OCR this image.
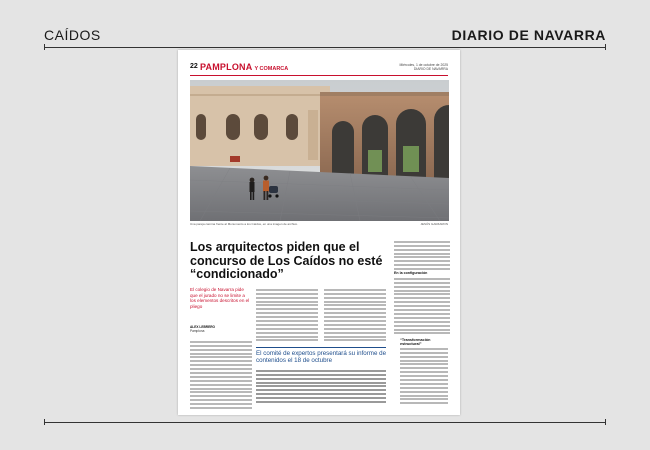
CAÍDOS	DIARIO DE NAVARRA
22 PAMPLONA Y COMARCA
Miércoles, 1 de octubre de 2025
DIARIO DE NAVARRA
Una pareja camina frente al Monumento a los Caídos, en una imagen de archivo.	JESÚS GARZARON
Los arquitectos piden que el concurso de Los Caídos no esté “condicionado”
El colegio de Navarra pide que el jurado no se limite a los elementos descritos en el pliego
ALEX LEBRERO
Pamplona
En la configuración
“Transformación estructural”
El comité de expertos presentará su informe de contenidos el 18 de octubre
